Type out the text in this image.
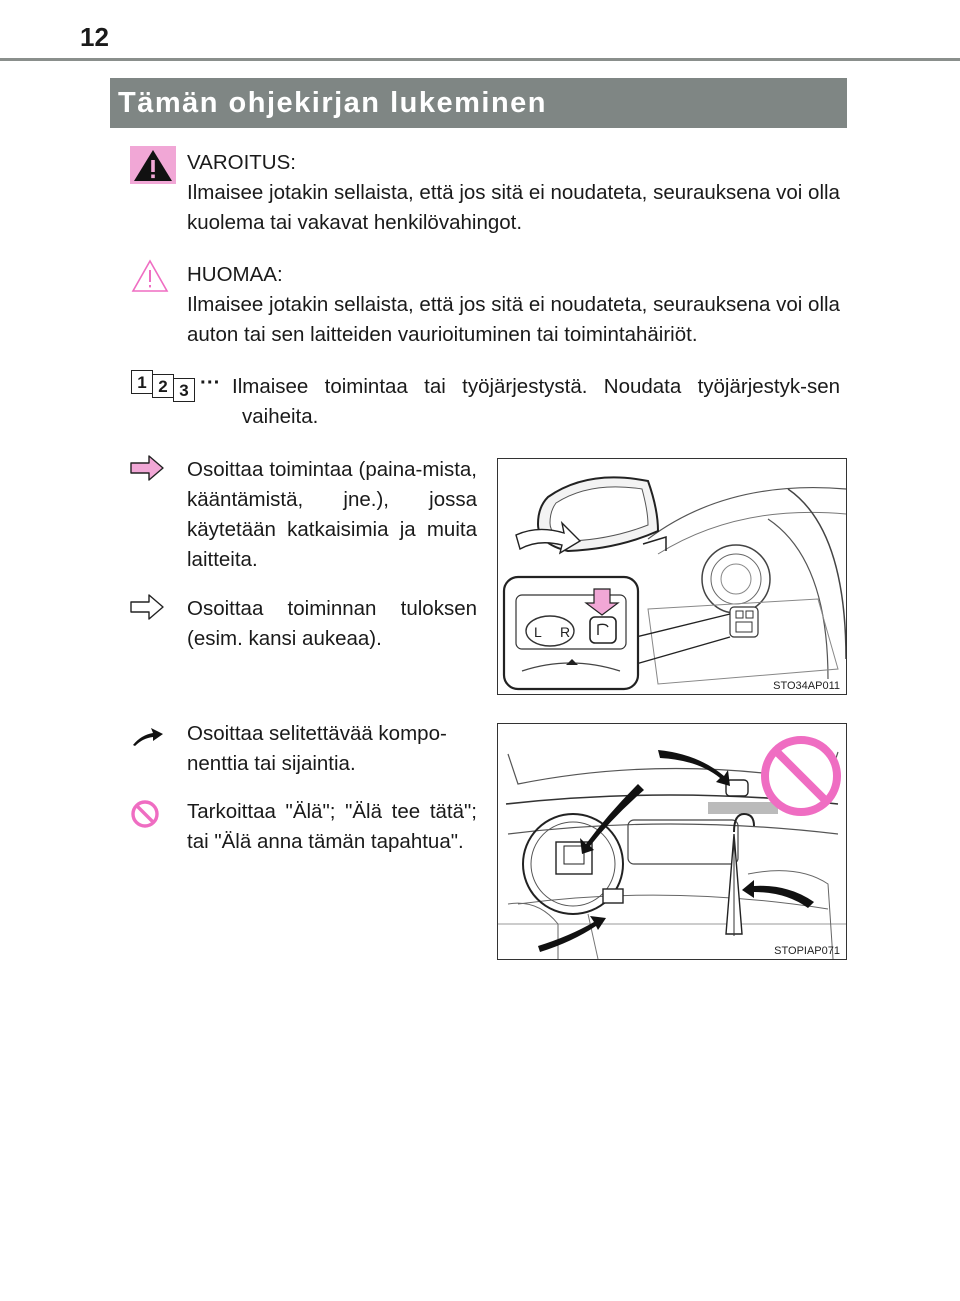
12
Tämän ohjekirjan lukeminen
VAROITUS:
Ilmaisee jotakin sellaista, että jos sitä ei noudateta, seurauksena voi olla kuolema tai vakavat henkilövahingot.
HUOMAA:
Ilmaisee jotakin sellaista, että jos sitä ei noudateta, seurauksena voi olla auton tai sen laitteiden vaurioituminen tai toimintahäiriöt.
1 2 3 ··· Ilmaisee toimintaa tai työjärjestystä. Noudata työjärjestyk-sen vaiheita.
Osoittaa toimintaa (paina-mista, kääntämistä, jne.), jossa käytetään katkaisimia ja muita laitteita.
Osoittaa toiminnan tuloksen (esim. kansi aukeaa).	L R
STO34AP011
Osoittaa selitettävää kompo-nenttia tai sijaintia.
Tarkoittaa "Älä"; "Älä tee tätä"; tai "Älä anna tämän tapahtua".
STOPIAP071
